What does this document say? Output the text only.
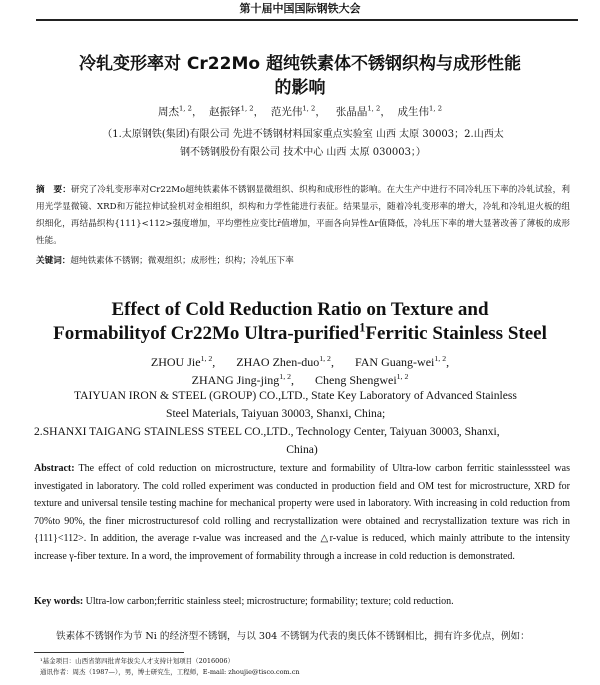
第十届中国国际钢铁大会
冷轧变形率对 Cr22Mo 超纯铁素体不锈钢织构与成形性能
的影响
周杰$^{1, 2}$，  赵振铎$^{1, 2}$，  范光伟$^{1, 2}$，   张晶晶$^{1, 2}$，  成生伟$^{1, 2}$
（1.太原钢铁(集团)有限公司 先进不锈钢材料国家重点实验室 山西 太原 30003；2.山西太
钢不锈钢股份有限公司 技术中心 山西 太原 030003；）
摘　要：研究了冷轧变形率对Cr22Mo超纯铁素体不锈钢显微组织、织构和成形性的影响。在大生产中进行不同冷轧压下率的冷轧试验，利用光学显微镜、XRD和万能拉伸试验机对金相组织，织构和力学性能进行表征。结果显示，随着冷轧变形率的增大，冷轧和冷轧退火板的组织细化，再结晶织构{111}<112>强度增加，平均塑性应变比r̄值增加，平面各向异性Δr值降低，冷轧压下率的增大显著改善了薄板的成形性能。
关键词：超纯铁素体不锈钢；微观组织；成形性；织构；冷轧压下率
Effect of Cold Reduction Ratio on Texture and
Formabilityof Cr22Mo Ultra-purified$^1$Ferritic Stainless Steel
ZHOU Jie$^{1, 2}$,       ZHAO Zhen-duo$^{1, 2}$,       FAN Guang-wei$^{1, 2}$,
ZHANG Jing-jing$^{1, 2}$,       Cheng Shengwei$^{1, 2}$

TAIYUAN IRON & STEEL (GROUP) CO.,LTD., State Key Laboratory of Advanced Stainless

Steel Materials, Taiyuan 30003, Shanxi, China;

2.SHANXI TAIGANG STAINLESS STEEL CO.,LTD., Technology Center, Taiyuan 30003, Shanxi,

China)

Abstract: The effect of cold reduction on microstructure, texture and formability of Ultra-low carbon ferritic stainlesssteel was investigated in laboratory. The cold rolled experiment was conducted in production field and OM test for microstructure, XRD for texture and universal tensile testing machine for mechanical property were used in laboratory. With increasing in cold reduction from 70%to 90%, the finer microstructuresof cold rolling and recrystallization were obtained and recrystallization texture was rich in {111}<112>. In addition, the average r-value was increased and the △r-value is reduced, which mainly attribute to the intensity increase γ-fiber texture. In a word, the improvement of formability through a increase in cold reduction is demonstrated.
Key words: Ultra-low carbon;ferritic stainless steel; microstructure; formability; texture; cold reduction.
铁素体不锈钢作为节 Ni 的经济型不锈钢，与以 304 不锈钢为代表的奥氏体不锈钢相比，拥有许多优点，例如：
¹基金项目：山西省第四批青年拔尖人才支持计划项目（2016006）
通讯作者：周杰（1987—），男，博士研究生，工程师，E-mail: zhoujie@tisco.com.cn
